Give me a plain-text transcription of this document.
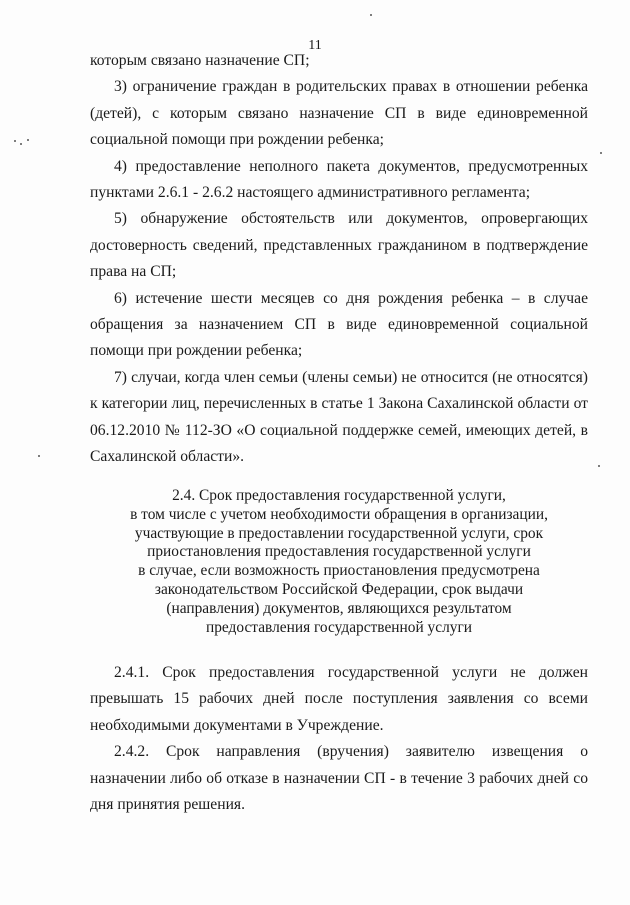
11

которым связано назначение СП;

3) ограничение граждан в родительских правах в отношении ребенка (детей), с которым связано назначение СП в виде единовременной социальной помощи при рождении ребенка;

4) предоставление неполного пакета документов, предусмотренных пунктами 2.6.1 - 2.6.2 настоящего административного регламента;

5) обнаружение обстоятельств или документов, опровергающих достоверность сведений, представленных гражданином в подтверждение права на СП;

6) истечение шести месяцев со дня рождения ребенка – в случае обращения за назначением СП в виде единовременной социальной помощи при рождении ребенка;

7) случаи, когда член семьи (члены семьи) не относится (не относятся) к категории лиц, перечисленных в статье 1 Закона Сахалинской области от 06.12.2010 № 112-ЗО «О социальной поддержке семей, имеющих детей, в Сахалинской области».

2.4. Срок предоставления государственной услуги,
в том числе с учетом необходимости обращения в организации,
участвующие в предоставлении государственной услуги, срок
приостановления предоставления государственной услуги
в случае, если возможность приостановления предусмотрена
законодательством Российской Федерации, срок выдачи
(направления) документов, являющихся результатом
предоставления государственной услуги

2.4.1. Срок предоставления государственной услуги не должен превышать 15 рабочих дней после поступления заявления со всеми необходимыми документами в Учреждение.

2.4.2. Срок направления (вручения) заявителю извещения о назначении либо об отказе в назначении СП - в течение 3 рабочих дней со дня принятия решения.
